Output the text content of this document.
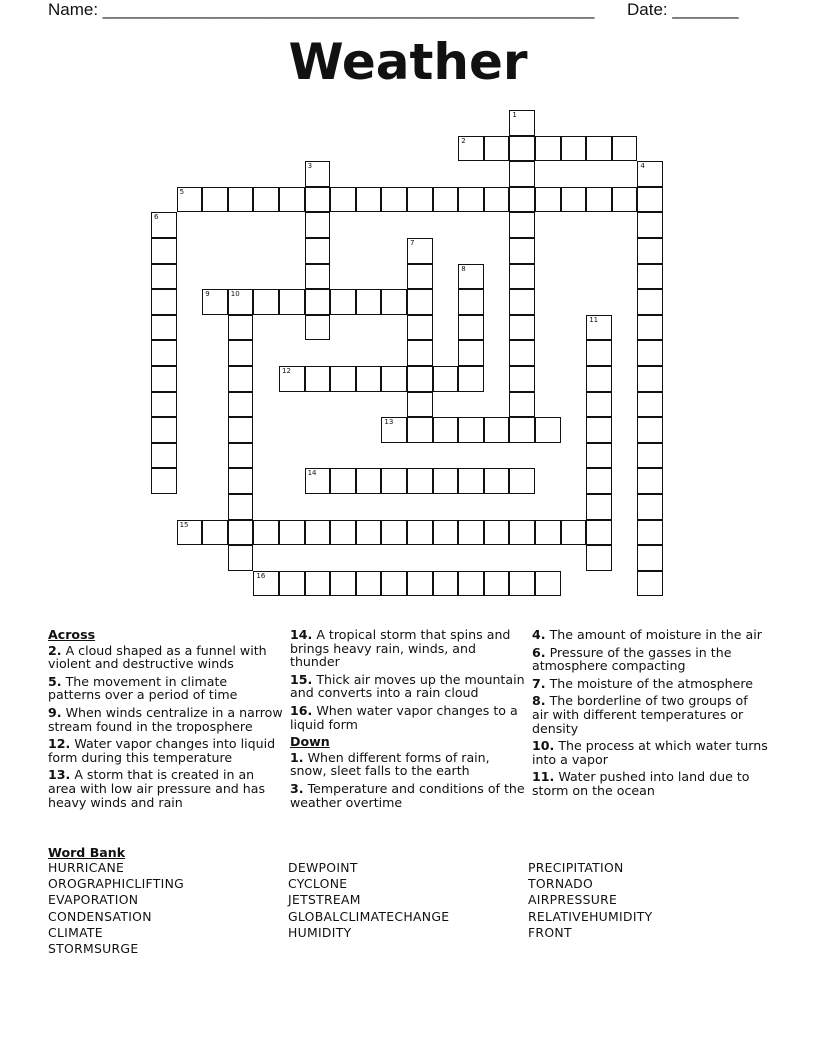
Name: ____________________________________________________ Date: _______
Weather
1
2
3	4
5
6
7
8
9	10
11
12
13
14
15
16
Across
2. A cloud shaped as a funnel with violent and destructive winds
5. The movement in climate patterns over a period of time
9. When winds centralize in a narrow stream found in the troposphere
12. Water vapor changes into liquid form during this temperature
13. A storm that is created in an area with low air pressure and has heavy winds and rain
14. A tropical storm that spins and brings heavy rain, winds, and thunder
15. Thick air moves up the mountain and converts into a rain cloud
16. When water vapor changes to a liquid form
Down
1. When different forms of rain, snow, sleet falls to the earth
3. Temperature and conditions of the weather overtime
4. The amount of moisture in the air
6. Pressure of the gasses in the atmosphere compacting
7. The moisture of the atmosphere
8. The borderline of two groups of air with different temperatures or density
10. The process at which water turns into a vapor
11. Water pushed into land due to storm on the ocean
Word Bank
HURRICANE
OROGRAPHICLIFTING
EVAPORATION
CONDENSATION
CLIMATE
STORMSURGE
DEWPOINT
CYCLONE
JETSTREAM
GLOBALCLIMATECHANGE
HUMIDITY
PRECIPITATION
TORNADO
AIRPRESSURE
RELATIVEHUMIDITY
FRONT
